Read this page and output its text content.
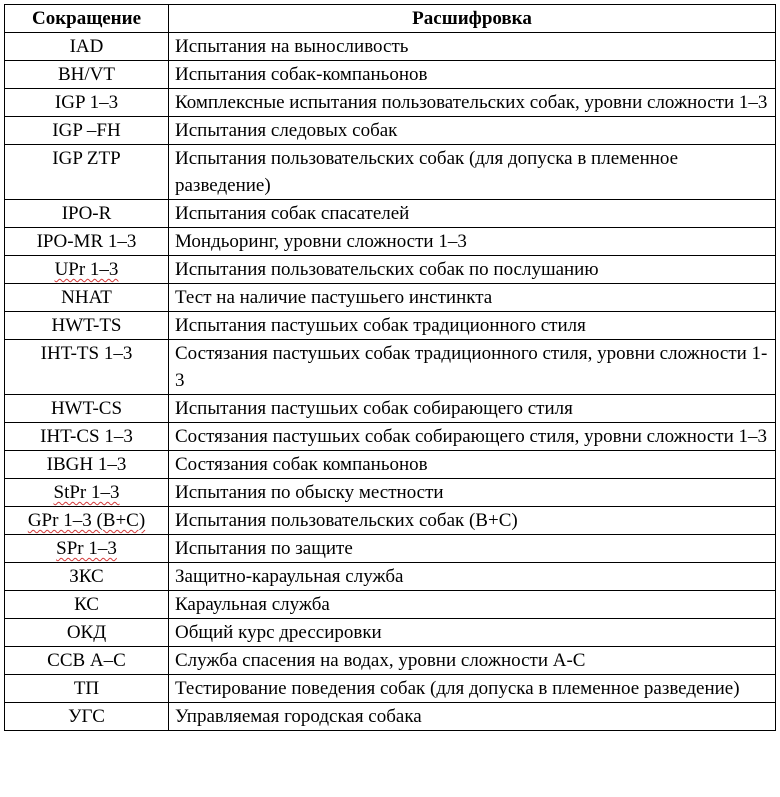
Сокращение	Расшифровка
IAD	Испытания на выносливость
BH/VT	Испытания собак-компаньонов
IGP 1–3	Комплексные испытания пользовательских собак, уровни сложности 1–3
IGP –FH	Испытания следовых собак
IGP ZTP	Испытания пользовательских собак (для допуска в племенное разведение)
IPO-R	Испытания собак спасателей
IPO-MR 1–3	Мондьоринг, уровни сложности 1–3
UPr 1–3	Испытания пользовательских собак по послушанию
NHAT	Тест на наличие пастушьего инстинкта
HWT-TS	Испытания пастушьих собак традиционного стиля
IHT-TS 1–3	Состязания пастушьих собак традиционного стиля, уровни сложности 1-3
HWT-CS	Испытания пастушьих собак собирающего стиля
IHT-CS 1–3	Состязания пастушьих собак собирающего стиля, уровни сложности 1–3
IBGH 1–3	Состязания собак компаньонов
StPr 1–3	Испытания по обыску местности
GPr 1–3 (B+C)	Испытания пользовательских собак (B+C)
SPr 1–3	Испытания по защите
ЗКС	Защитно-караульная служба
КС	Караульная служба
ОКД	Общий курс дрессировки
ССВ А–С	Служба спасения на водах, уровни сложности А-С
ТП	Тестирование поведения собак (для допуска в племенное разведение)
УГС	Управляемая городская собака
